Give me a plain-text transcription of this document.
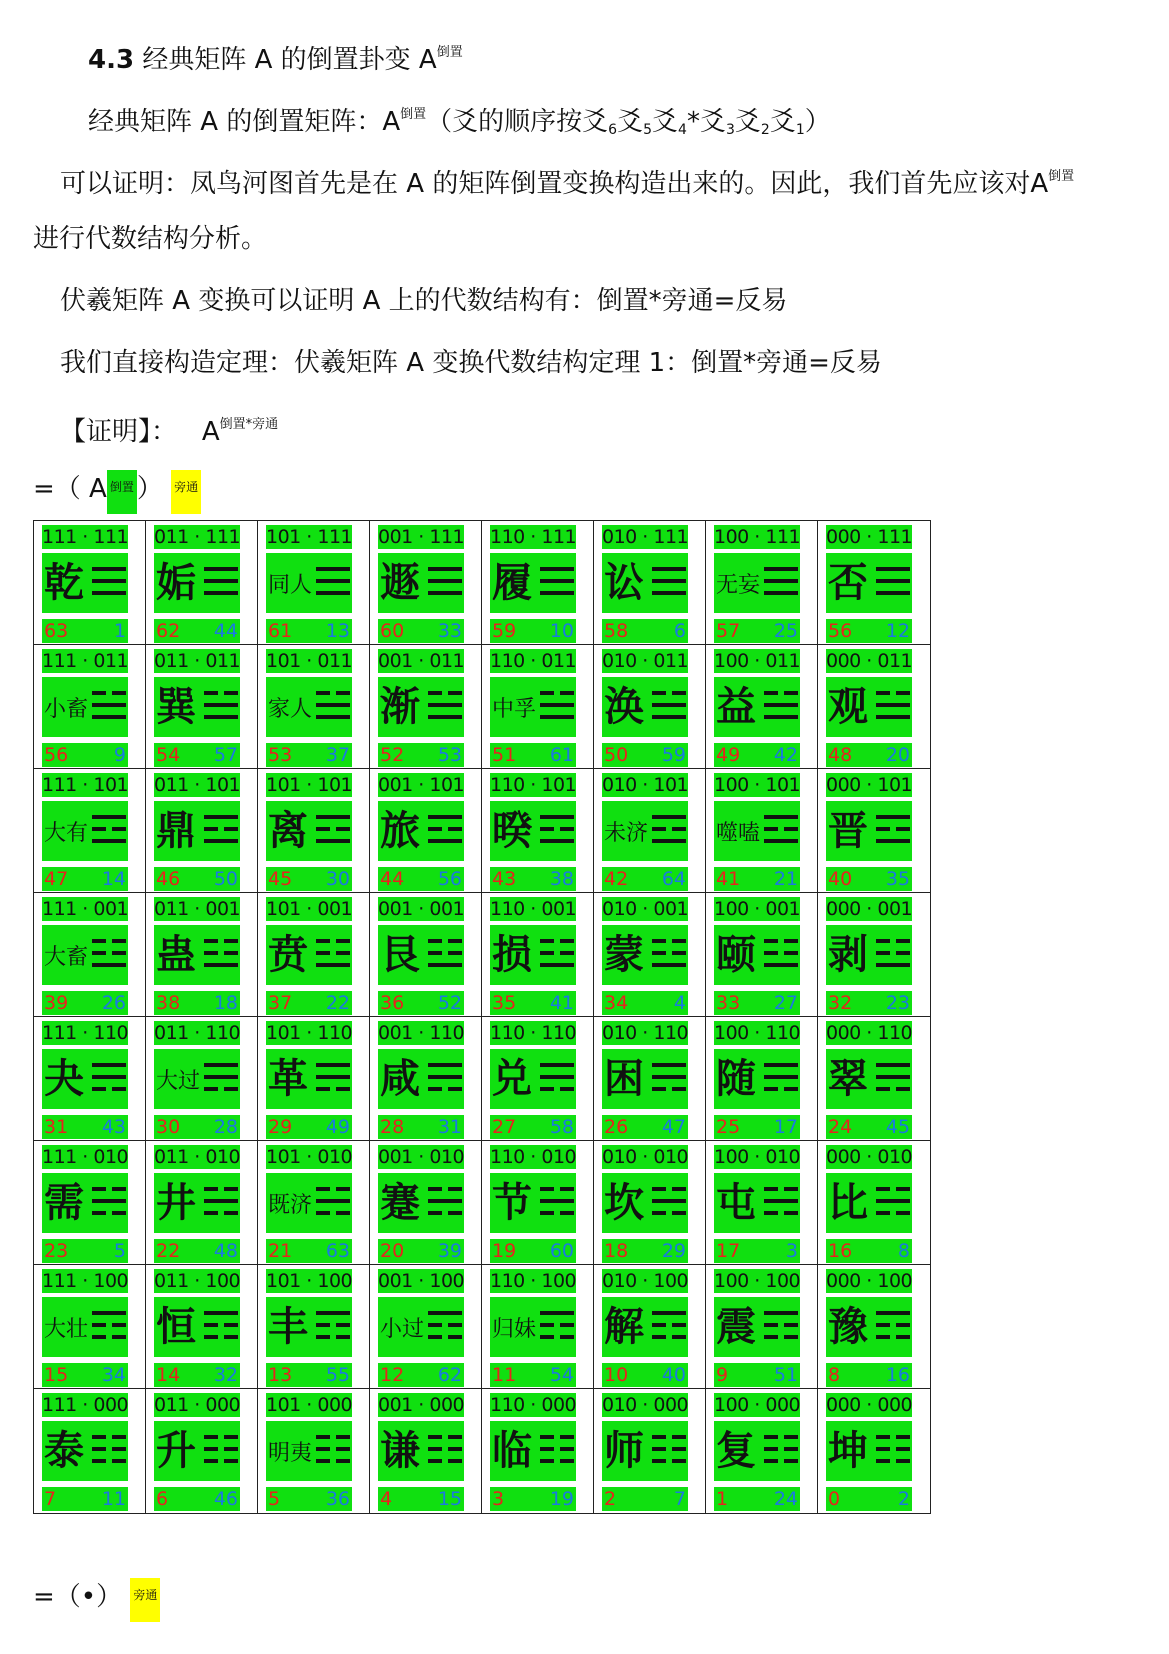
4.3 经典矩阵 A 的倒置卦变 $A^{倒置}$
经典矩阵 A 的倒置矩阵：$A^{倒置}$（爻的顺序按爻$_6$爻$_5$爻$_4$*爻$_3$爻$_2$爻$_1$）
可以证明：凤鸟河图首先是在 A 的矩阵倒置变换构造出来的。因此，我们首先应该对$A^{倒置}$
进行代数结构分析。
伏羲矩阵 A 变换可以证明 A 上的代数结构有：倒置*旁通=反易
我们直接构造定理：伏羲矩阵 A 变换代数结构定理 1：倒置*旁通=反易
【证明】： $A^{倒置*旁通}$
=（ A 倒置 ） 旁通
111 · 111
乾
63 1
011 · 111
姤
62 44
101 · 111
同人
61 13
001 · 111
遯
60 33
110 · 111
履
59 10
010 · 111
讼
58 6
100 · 111
无妄
57 25
000 · 111
否
56 12
111 · 011
小畜
56 9
011 · 011
巽
54 57
101 · 011
家人
53 37
001 · 011
渐
52 53
110 · 011
中孚
51 61
010 · 011
涣
50 59
100 · 011
益
49 42
000 · 011
观
48 20
111 · 101
大有
47 14
011 · 101
鼎
46 50
101 · 101
离
45 30
001 · 101
旅
44 56
110 · 101
暌
43 38
010 · 101
未济
42 64
100 · 101
噬嗑
41 21
000 · 101
晋
40 35
111 · 001
大畜
39 26
011 · 001
蛊
38 18
101 · 001
贲
37 22
001 · 001
艮
36 52
110 · 001
损
35 41
010 · 001
蒙
34 4
100 · 001
颐
33 27
000 · 001
剥
32 23
111 · 110
夬
31 43
011 · 110
大过
30 28
101 · 110
革
29 49
001 · 110
咸
28 31
110 · 110
兑
27 58
010 · 110
困
26 47
100 · 110
随
25 17
000 · 110
翠
24 45
111 · 010
需
23 5
011 · 010
井
22 48
101 · 010
既济
21 63
001 · 010
蹇
20 39
110 · 010
节
19 60
010 · 010
坎
18 29
100 · 010
屯
17 3
000 · 010
比
16 8
111 · 100
大壮
15 34
011 · 100
恒
14 32
101 · 100
丰
13 55
001 · 100
小过
12 62
110 · 100
归妹
11 54
010 · 100
解
10 40
100 · 100
震
9 51
000 · 100
豫
8 16
111 · 000
泰
7 11
011 · 000
升
6 46
101 · 000
明夷
5 36
001 · 000
谦
4 15
110 · 000
临
3 19
010 · 000
师
2	7
100 · 000
复
1 24
000 · 000
坤
0	2
=（•） 旁通
